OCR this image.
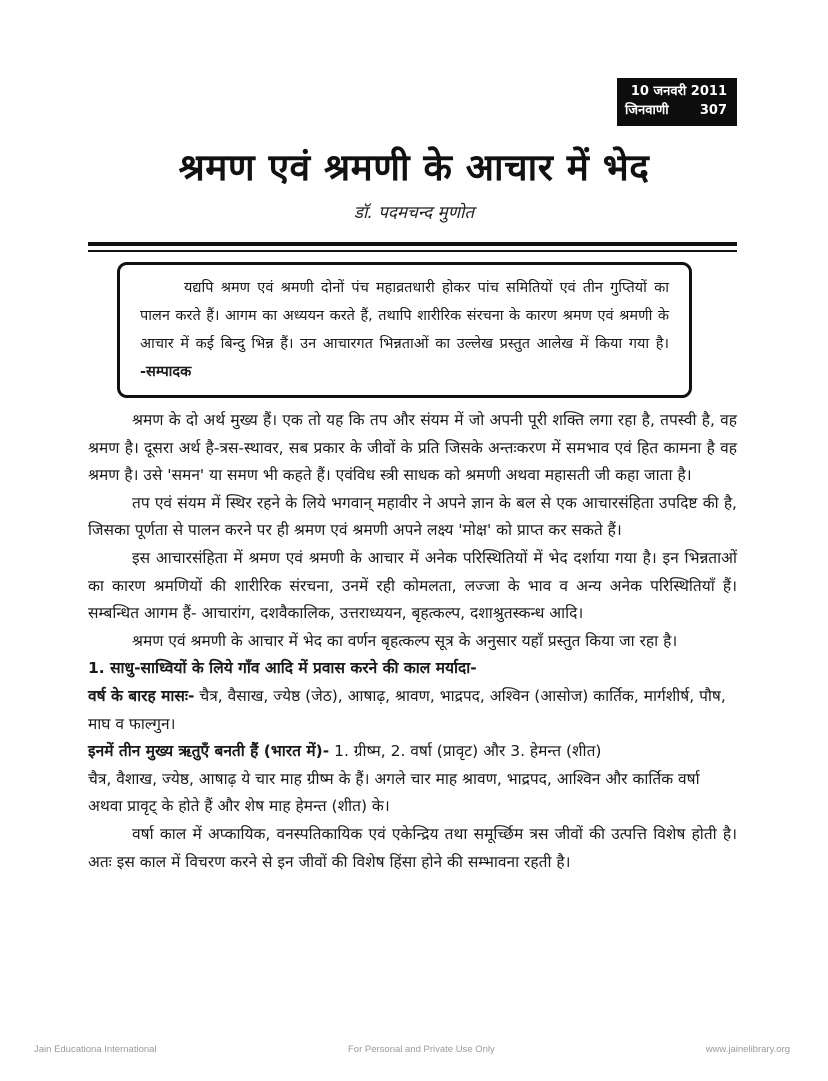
10 जनवरी 2011
जिनवाणी 307
श्रमण एवं श्रमणी के आचार में भेद
डॉ. पदमचन्द मुणोत
यद्यपि श्रमण एवं श्रमणी दोनों पंच महाव्रतधारी होकर पांच समितियों एवं तीन गुप्तियों का पालन करते हैं। आगम का अध्ययन करते हैं, तथापि शारीरिक संरचना के कारण श्रमण एवं श्रमणी के आचार में कई बिन्दु भिन्न हैं। उन आचारगत भिन्नताओं का उल्लेख प्रस्तुत आलेख में किया गया है। -सम्पादक

श्रमण के दो अर्थ मुख्य हैं। एक तो यह कि तप और संयम में जो अपनी पूरी शक्ति लगा रहा है, तपस्वी है, वह श्रमण है। दूसरा अर्थ है-त्रस-स्थावर, सब प्रकार के जीवों के प्रति जिसके अन्तःकरण में समभाव एवं हित कामना है वह श्रमण है। उसे 'समन' या समण भी कहते हैं। एवंविध स्त्री साधक को श्रमणी अथवा महासती जी कहा जाता है।

तप एवं संयम में स्थिर रहने के लिये भगवान् महावीर ने अपने ज्ञान के बल से एक आचारसंहिता उपदिष्ट की है, जिसका पूर्णता से पालन करने पर ही श्रमण एवं श्रमणी अपने लक्ष्य 'मोक्ष' को प्राप्त कर सकते हैं।

इस आचारसंहिता में श्रमण एवं श्रमणी के आचार में अनेक परिस्थितियों में भेद दर्शाया गया है। इन भिन्नताओं का कारण श्रमणियों की शारीरिक संरचना, उनमें रही कोमलता, लज्जा के भाव व अन्य अनेक परिस्थितियाँ हैं। सम्बन्धित आगम हैं- आचारांग, दशवैकालिक, उत्तराध्ययन, बृहत्कल्प, दशाश्रुतस्कन्ध आदि।

श्रमण एवं श्रमणी के आचार में भेद का वर्णन बृहत्कल्प सूत्र के अनुसार यहाँ प्रस्तुत किया जा रहा है।

1. साधु-साध्वियों के लिये गाँव आदि में प्रवास करने की काल मर्यादा-

वर्ष के बारह मासः- चैत्र, वैसाख, ज्येष्ठ (जेठ), आषाढ़, श्रावण, भाद्रपद, अश्विन (आसोज) कार्तिक, मार्गशीर्ष, पौष, माघ व फाल्गुन।

इनमें तीन मुख्य ऋतुएँ बनती हैं (भारत में)- 1. ग्रीष्म, 2. वर्षा (प्रावृट) और 3. हेमन्त (शीत)

चैत्र, वैशाख, ज्येष्ठ, आषाढ़ ये चार माह ग्रीष्म के हैं। अगले चार माह श्रावण, भाद्रपद, आश्विन और कार्तिक वर्षा अथवा प्रावृट् के होते हैं और शेष माह हेमन्त (शीत) के।

वर्षा काल में अप्कायिक, वनस्पतिकायिक एवं एकेन्द्रिय तथा समूर्च्छिम त्रस जीवों की उत्पत्ति विशेष होती है। अतः इस काल में विचरण करने से इन जीवों की विशेष हिंसा होने की सम्भावना रहती है।

Jain Educationa International	For Personal and Private Use Only	www.jainelibrary.org
